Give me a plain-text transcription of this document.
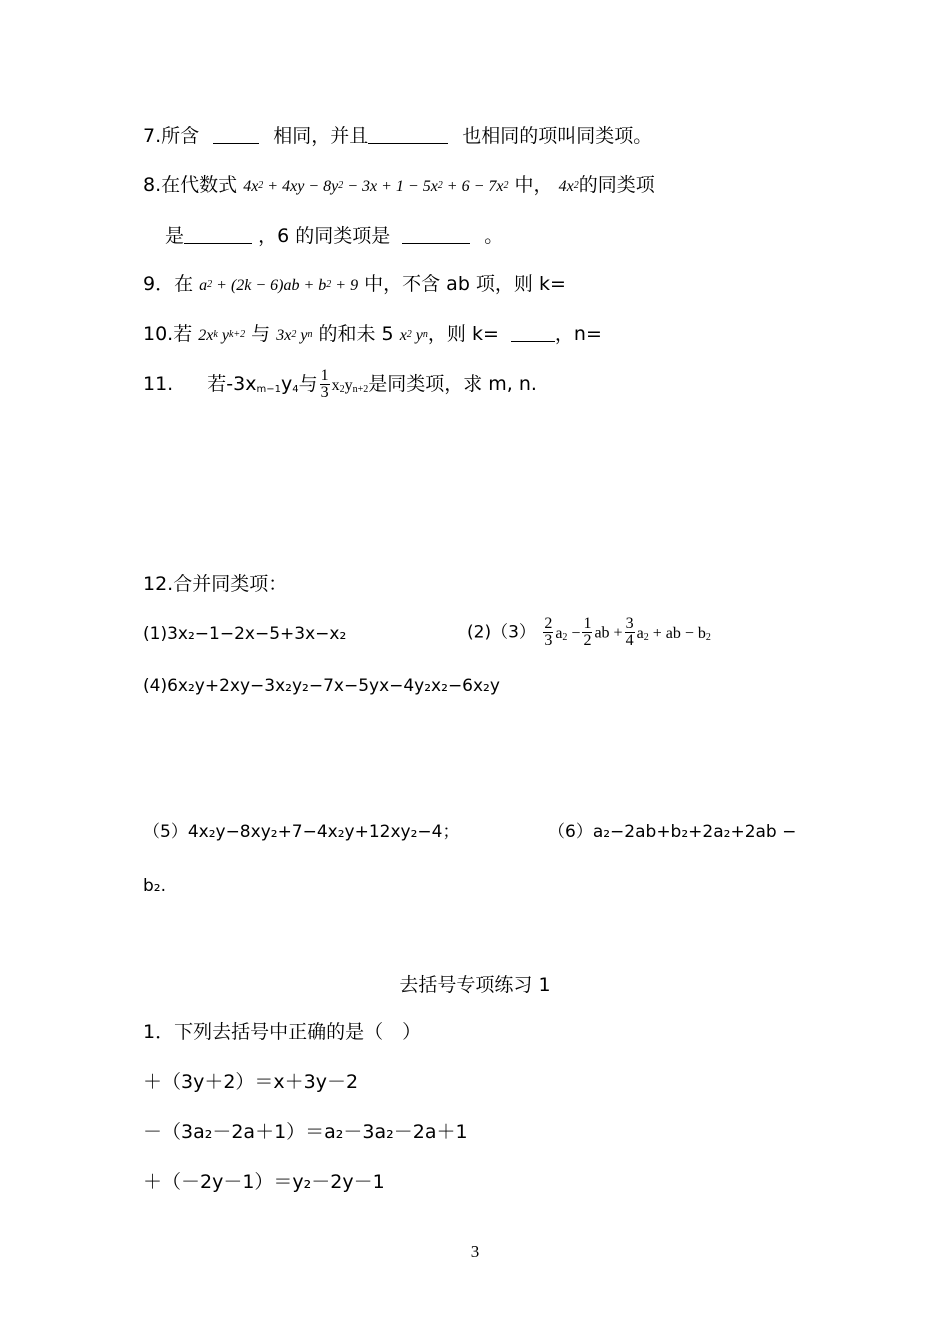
7.所含	相同，并且	也相同的项叫同类项。
8.在代数式 $4x^2 + 4xy - 8y^2 - 3x + 1 - 5x^2 + 6 - 7x^2$ 中， $4x^2$的同类项
是	，6 的同类项是	。
9．在 $a^2 + (2k - 6)ab + b^2 + 9$ 中，不含 ab 项，则 k=
10.若 $2x^k$ $y^{k+2}$ 与 $3x^2$ $y^n$ 的和未 5 $x^2$ $y^n$，则 k=	，n=
11. 若$-3x_{m-1}y_4$与 $\frac{1}{3} x_2y_{n+2}$是同类项，求 m, n.
12.合并同类项：
(1)3x₂−1−2x−5+3x−x₂	$(2)(3) \frac{2}{3} a_2 - \frac{1}{2}$ ab + $\frac{3}{4} a_2$ + ab − $b_2$
(4)6x₂y+2xy−3x₂y₂−7x−5yx−4y₂x₂−6x₂y
（5）4x₂y−8xy₂+7−4x₂y+12xy₂−4；	（6）a₂−2ab+b₂+2a₂+2ab −
b₂.
去括号专项练习 1
1．下列去括号中正确的是（　）
＋（3y＋2）＝x＋3y－2
－（3a₂－2a＋1）＝a₂－3a₂－2a＋1
＋（－2y－1）＝y₂－2y－1
3
